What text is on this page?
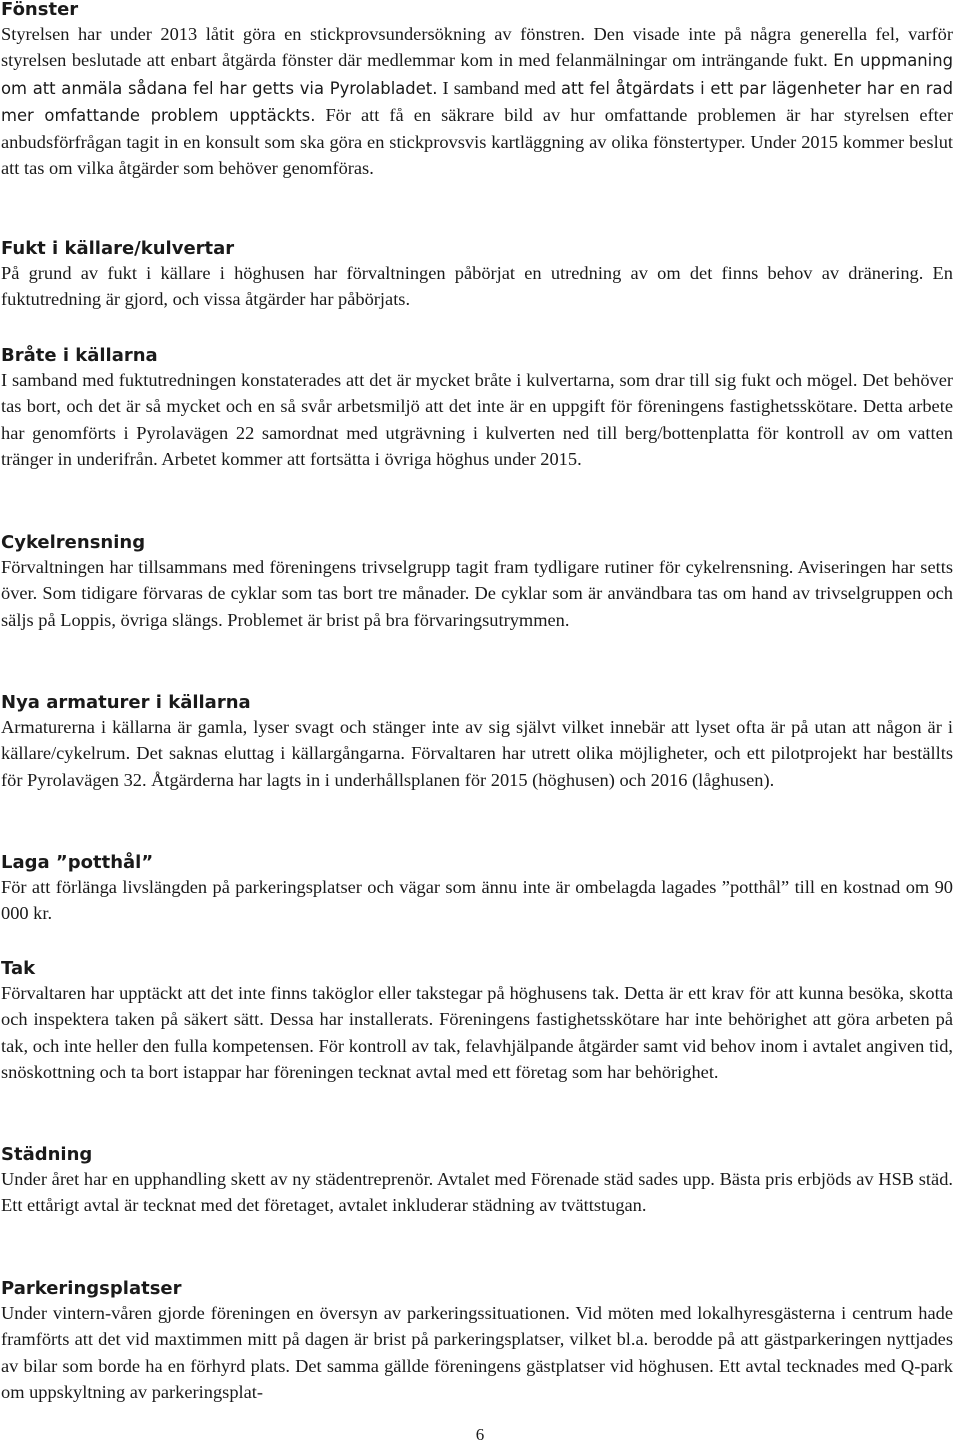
Fönster

Styrelsen har under 2013 låtit göra en stickprovsundersökning av fönstren. Den visade inte på några generella fel, varför styrelsen beslutade att enbart åtgärda fönster där medlemmar kom in med felanmälningar om inträngande fukt. En uppmaning om att anmäla sådana fel har getts via Pyrolabladet. I samband med att fel åtgärdats i ett par lägenheter har en rad mer omfattande problem upptäckts. För att få en säkrare bild av hur omfattande problemen är har styrelsen efter anbudsförfrågan tagit in en konsult som ska göra en stickprovsvis kartläggning av olika fönstertyper. Under 2015 kommer beslut att tas om vilka åtgärder som behöver genomföras.

Fukt i källare/kulvertar

På grund av fukt i källare i höghusen har förvaltningen påbörjat en utredning av om det finns behov av dränering. En fuktutredning är gjord, och vissa åtgärder har påbörjats.

Bråte i källarna

I samband med fuktutredningen konstaterades att det är mycket bråte i kulvertarna, som drar till sig fukt och mögel. Det behöver tas bort, och det är så mycket och en så svår arbetsmiljö att det inte är en uppgift för föreningens fastighetsskötare. Detta arbete har genomförts i Pyrolavägen 22 samordnat med utgrävning i kulverten ned till berg/bottenplatta för kontroll av om vatten tränger in underifrån. Arbetet kommer att fortsätta i övriga höghus under 2015.

Cykelrensning

Förvaltningen har tillsammans med föreningens trivselgrupp tagit fram tydligare rutiner för cykelrensning. Aviseringen har setts över. Som tidigare förvaras de cyklar som tas bort tre månader. De cyklar som är användbara tas om hand av trivselgruppen och säljs på Loppis, övriga slängs. Problemet är brist på bra förvaringsutrymmen.

Nya armaturer i källarna

Armaturerna i källarna är gamla, lyser svagt och stänger inte av sig självt vilket innebär att lyset ofta är på utan att någon är i källare/cykelrum. Det saknas eluttag i källargångarna. Förvaltaren har utrett olika möjligheter, och ett pilotprojekt har beställts för Pyrolavägen 32. Åtgärderna har lagts in i underhållsplanen för 2015 (höghusen) och 2016 (låghusen).

Laga ”potthål”

För att förlänga livslängden på parkeringsplatser och vägar som ännu inte är ombelagda lagades ”potthål” till en kostnad om 90 000 kr.

Tak

Förvaltaren har upptäckt att det inte finns taköglor eller takstegar på höghusens tak. Detta är ett krav för att kunna besöka, skotta och inspektera taken på säkert sätt. Dessa har installerats. Föreningens fastighetsskötare har inte behörighet att göra arbeten på tak, och inte heller den fulla kompetensen. För kontroll av tak, felavhjälpande åtgärder samt vid behov inom i avtalet angiven tid, snöskottning och ta bort istappar har föreningen tecknat avtal med ett företag som har behörighet.

Städning

Under året har en upphandling skett av ny städentreprenör. Avtalet med Förenade städ sades upp. Bästa pris erbjöds av HSB städ. Ett ettårigt avtal är tecknat med det företaget, avtalet inkluderar städning av tvättstugan.

Parkeringsplatser

Under vintern-våren gjorde föreningen en översyn av parkeringssituationen. Vid möten med lokalhyresgästerna i centrum hade framförts att det vid maxtimmen mitt på dagen är brist på parkeringsplatser, vilket bl.a. berodde på att gästparkeringen nyttjades av bilar som borde ha en förhyrd plats. Det samma gällde föreningens gästplatser vid höghusen. Ett avtal tecknades med Q-park om uppskyltning av parkeringsplat-

6
